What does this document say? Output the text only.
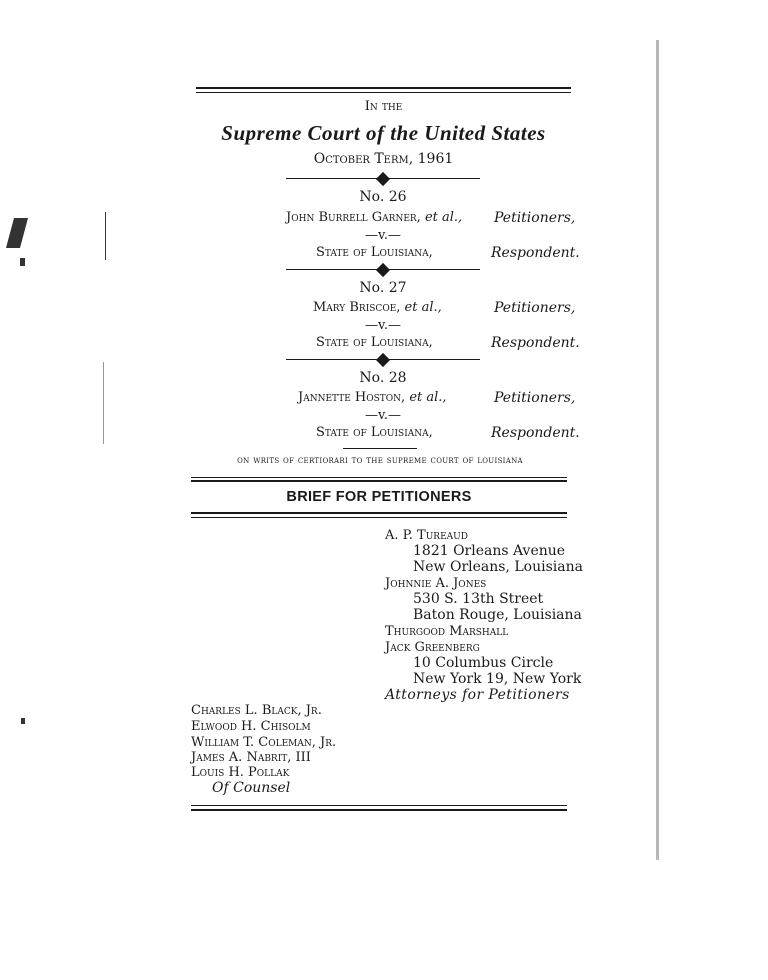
In the
Supreme Court of the United States
October Term, 1961
No. 26
John Burrell Garner, et al., Petitioners,
—v.—
State of Louisiana,	Respondent.
No. 27
Mary Briscoe, et al.,	Petitioners,
—v.—
State of Louisiana,	Respondent.
No. 28
Jannette Hoston, et al.,	Petitioners,
—v.—
State of Louisiana,	Respondent.
on writs of certiorari to the supreme court of louisiana
BRIEF FOR PETITIONERS
A. P. Tureaud
1821 Orleans Avenue
New Orleans, Louisiana
Johnnie A. Jones
530 S. 13th Street
Baton Rouge, Louisiana
Thurgood Marshall
Jack Greenberg
10 Columbus Circle
New York 19, New York
Attorneys for Petitioners
Charles L. Black, Jr.
Elwood H. Chisolm
William T. Coleman, Jr.
James A. Nabrit, III
Louis H. Pollak
Of Counsel
